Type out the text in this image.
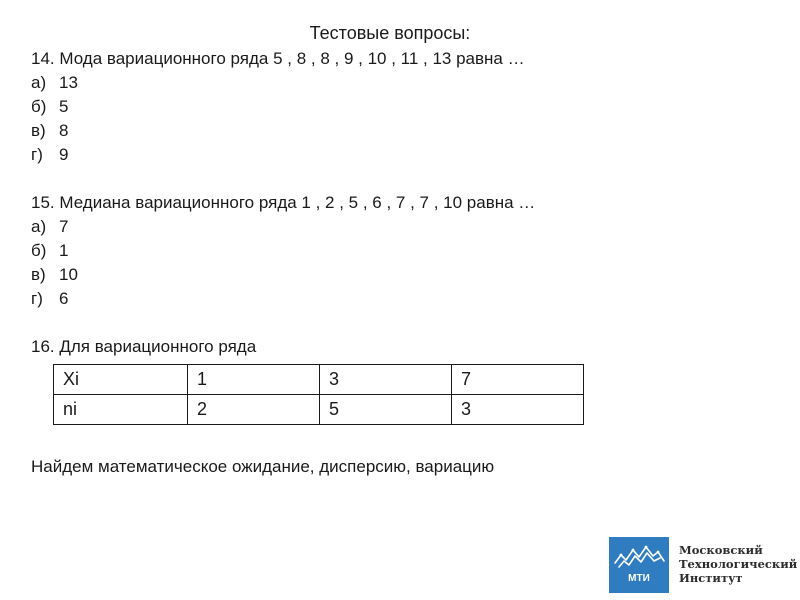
Тестовые вопросы:
14. Мода вариационного ряда 5 , 8 , 8 , 9 , 10 , 11 , 13 равна …
а) 13
б) 5
в) 8
г) 9
15. Медиана вариационного ряда 1 , 2 , 5 , 6 , 7 , 7 , 10 равна …
а) 7
б) 1
в) 10
г) 6
16. Для вариационного ряда
Xi	1	3	7
ni	2	5	3
Найдем математическое ожидание, дисперсию, вариацию
МТИ
Московский
Технологический
Институт
